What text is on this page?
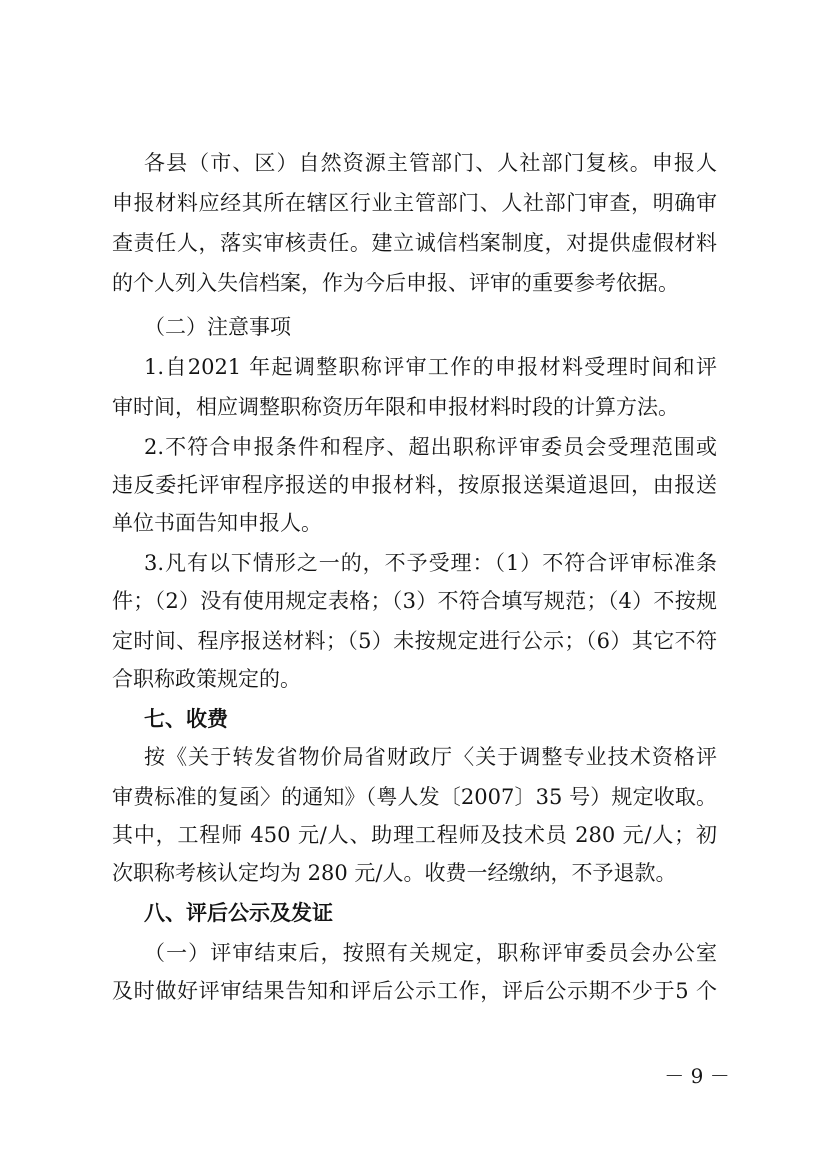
各县（市、区）自然资源主管部门、人社部门复核。申报人
申报材料应经其所在辖区行业主管部门、人社部门审查，明确审
查责任人，落实审核责任。建立诚信档案制度，对提供虚假材料
的个人列入失信档案，作为今后申报、评审的重要参考依据。
（二）注意事项
1.自2021 年起调整职称评审工作的申报材料受理时间和评
审时间，相应调整职称资历年限和申报材料时段的计算方法。
2.不符合申报条件和程序、超出职称评审委员会受理范围或
违反委托评审程序报送的申报材料，按原报送渠道退回，由报送
单位书面告知申报人。
3.凡有以下情形之一的，不予受理：（1）不符合评审标准条
件；（2）没有使用规定表格；（3）不符合填写规范；（4）不按规
定时间、程序报送材料；（5）未按规定进行公示；（6）其它不符
合职称政策规定的。
七、收费
按《关于转发省物价局省财政厅〈关于调整专业技术资格评
审费标准的复函〉的通知》（粤人发〔2007〕35 号）规定收取。
其中，工程师 450 元/人、助理工程师及技术员 280 元/人；初
次职称考核认定均为 280 元/人。收费一经缴纳，不予退款。
八、评后公示及发证
（一）评审结束后，按照有关规定，职称评审委员会办公室
及时做好评审结果告知和评后公示工作，评后公示期不少于5 个
－ 9 －
